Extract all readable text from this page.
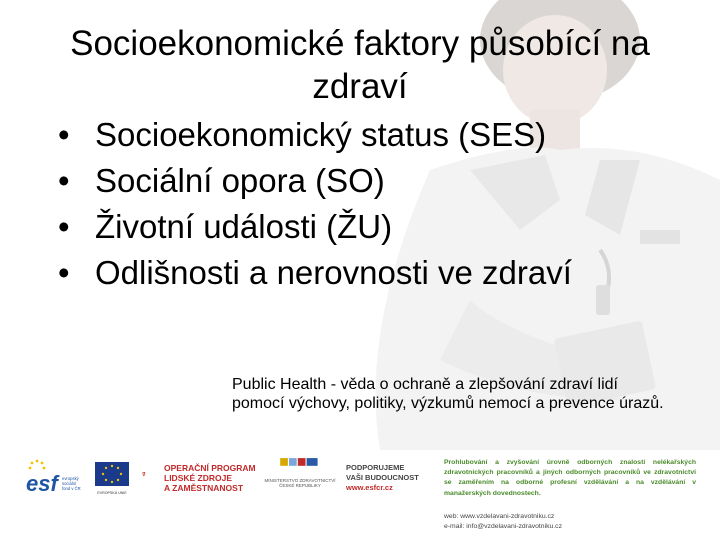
Socioekonomické faktory působící na zdraví
• Socioekonomický status (SES)
• Sociální opora (SO)
• Životní události (ŽU)
• Odlišnosti a nerovnosti ve zdraví
Public Health - věda o ochraně a zlepšování zdraví lidí pomocí výchovy, politiky, výzkumů nemocí a prevence úrazů.
esf	evropský
sociální
fond v ČR
EVROPSKÁ UNIE
OPERAČNÍ PROGRAM
LIDSKÉ ZDROJE
A ZAMĚSTNANOST
MINISTERSTVO ZDRAVOTNICTVÍ
ČESKÉ REPUBLIKY
PODPORUJEME
VAŠI BUDOUCNOST
www.esfcr.cz
Prohlubování a zvyšování úrovně odborných znalostí nelékařských zdravotnických pracovníků a jiných odborných pracovníků ve zdravotnictví se zaměřením na odborné profesní vzdělávání a na vzdělávání v manažerských dovednostech.
web: www.vzdelavani-zdravotniku.cz
e-mail: info@vzdelavani-zdravotniku.cz
